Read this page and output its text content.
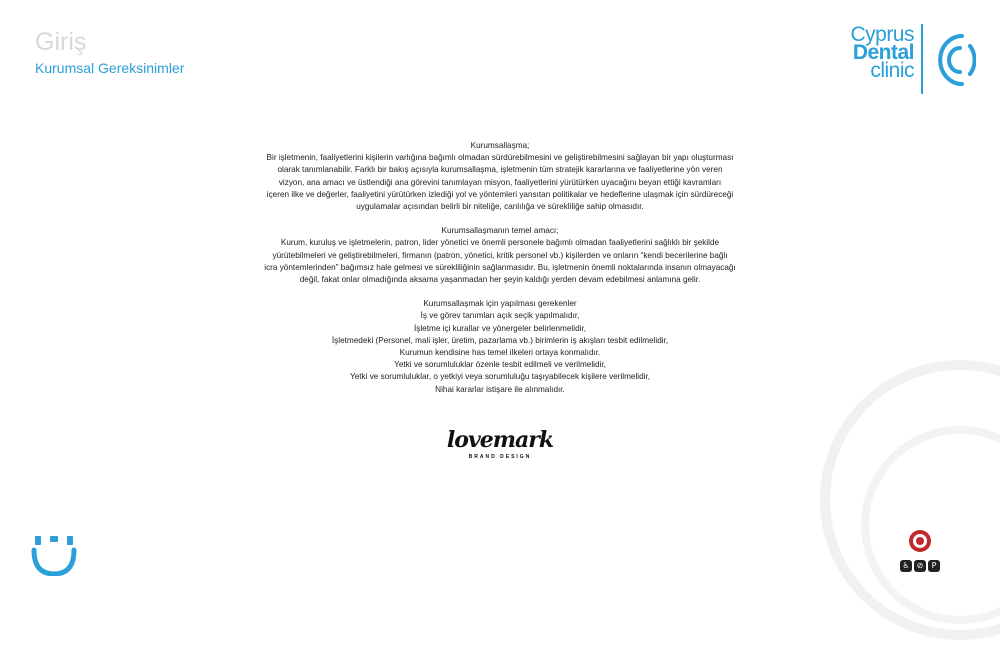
Giriş
Kurumsal Gereksinimler
Cyprus
Dental
clinic

Kurumsallaşma;
Bir işletmenin, faaliyetlerini kişilerin varlığına bağımlı olmadan sürdürebilmesini ve geliştirebilmesini sağlayan bir yapı oluşturması
olarak tanımlanabilir. Farklı bir bakış açısıyla kurumsallaşma, işletmenin tüm stratejik kararlarına ve faaliyetlerine yön veren
vizyon, ana amacı ve üstlendiği ana görevini tanımlayan misyon, faaliyetlerini yürütürken uyacağını beyan ettiği kavramları
içeren ilke ve değerler, faaliyetini yürütürken izlediği yol ve yöntemleri yansıtan politikalar ve hedeflerine ulaşmak için sürdüreceği
uygulamalar açısından belirli bir niteliğe, canlılığa ve sürekliliğe sahip olmasıdır.

Kurumsallaşmanın temel amacı;
Kurum, kuruluş ve işletmelerin, patron, lider yönetici ve önemli personele bağımlı olmadan faaliyetlerini sağlıklı bir şekilde
yürütebilmeleri ve geliştirebilmeleri, firmanın (patron, yönetici, kritik personel vb.) kişilerden ve onların “kendi becerilerine bağlı
icra yöntemlerinden” bağımsız hale gelmesi ve sürekliliğinin sağlanmasıdır. Bu, işletmenin önemli noktalarında insanın olmayacağı
değil, fakat onlar olmadığında aksama yaşanmadan her şeyin kaldığı yerden devam edebilmesi anlamına gelir.

Kurumsallaşmak için yapılması gerekenler
İş ve görev tanımları açık seçik yapılmalıdır,
İşletme içi kurallar ve yönergeler belirlenmelidir,
İşletmedeki (Personel, mali işler, üretim, pazarlama vb.) birimlerin iş akışları tesbit edilmelidir,
Kurumun kendisine has temel ilkeleri ortaya konmalıdır.
Yetki ve sorumluluklar özenle tesbit edilmeli ve verilmelidir,
Yetki ve sorumluluklar, o yetkiyi veya sorumluluğu taşıyabilecek kişilere verilmelidir,
Nihai kararlar istişare ile alınmalıdır.

lovemark
BRAND DESIGN
♿ ⊘	P
